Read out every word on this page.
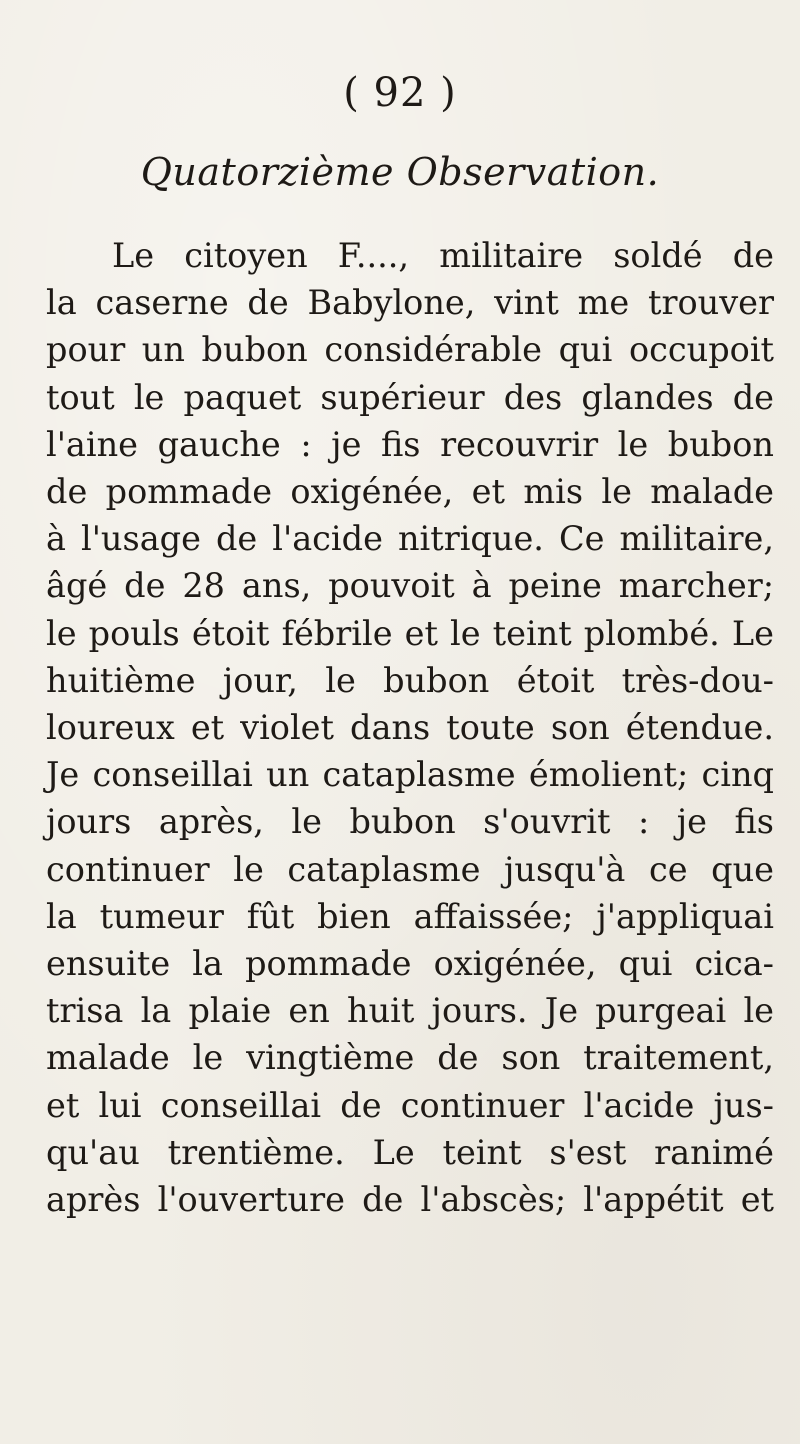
( 92 )
Quatorzième Observation.
Le citoyen F...., militaire soldé de
la caserne de Babylone, vint me trouver
pour un bubon considérable qui occupoit
tout le paquet supérieur des glandes de
l'aine gauche : je fis recouvrir le bubon
de pommade oxigénée, et mis le malade
à l'usage de l'acide nitrique. Ce militaire,
âgé de 28 ans, pouvoit à peine marcher;
le pouls étoit fébrile et le teint plombé. Le
huitième jour, le bubon étoit très-dou-
loureux et violet dans toute son étendue.
Je conseillai un cataplasme émolient; cinq
jours après, le bubon s'ouvrit : je fis
continuer le cataplasme jusqu'à ce que
la tumeur fût bien affaissée; j'appliquai
ensuite la pommade oxigénée, qui cica-
trisa la plaie en huit jours. Je purgeai le
malade le vingtième de son traitement,
et lui conseillai de continuer l'acide jus-
qu'au trentième. Le teint s'est ranimé
après l'ouverture de l'abscès; l'appétit et
